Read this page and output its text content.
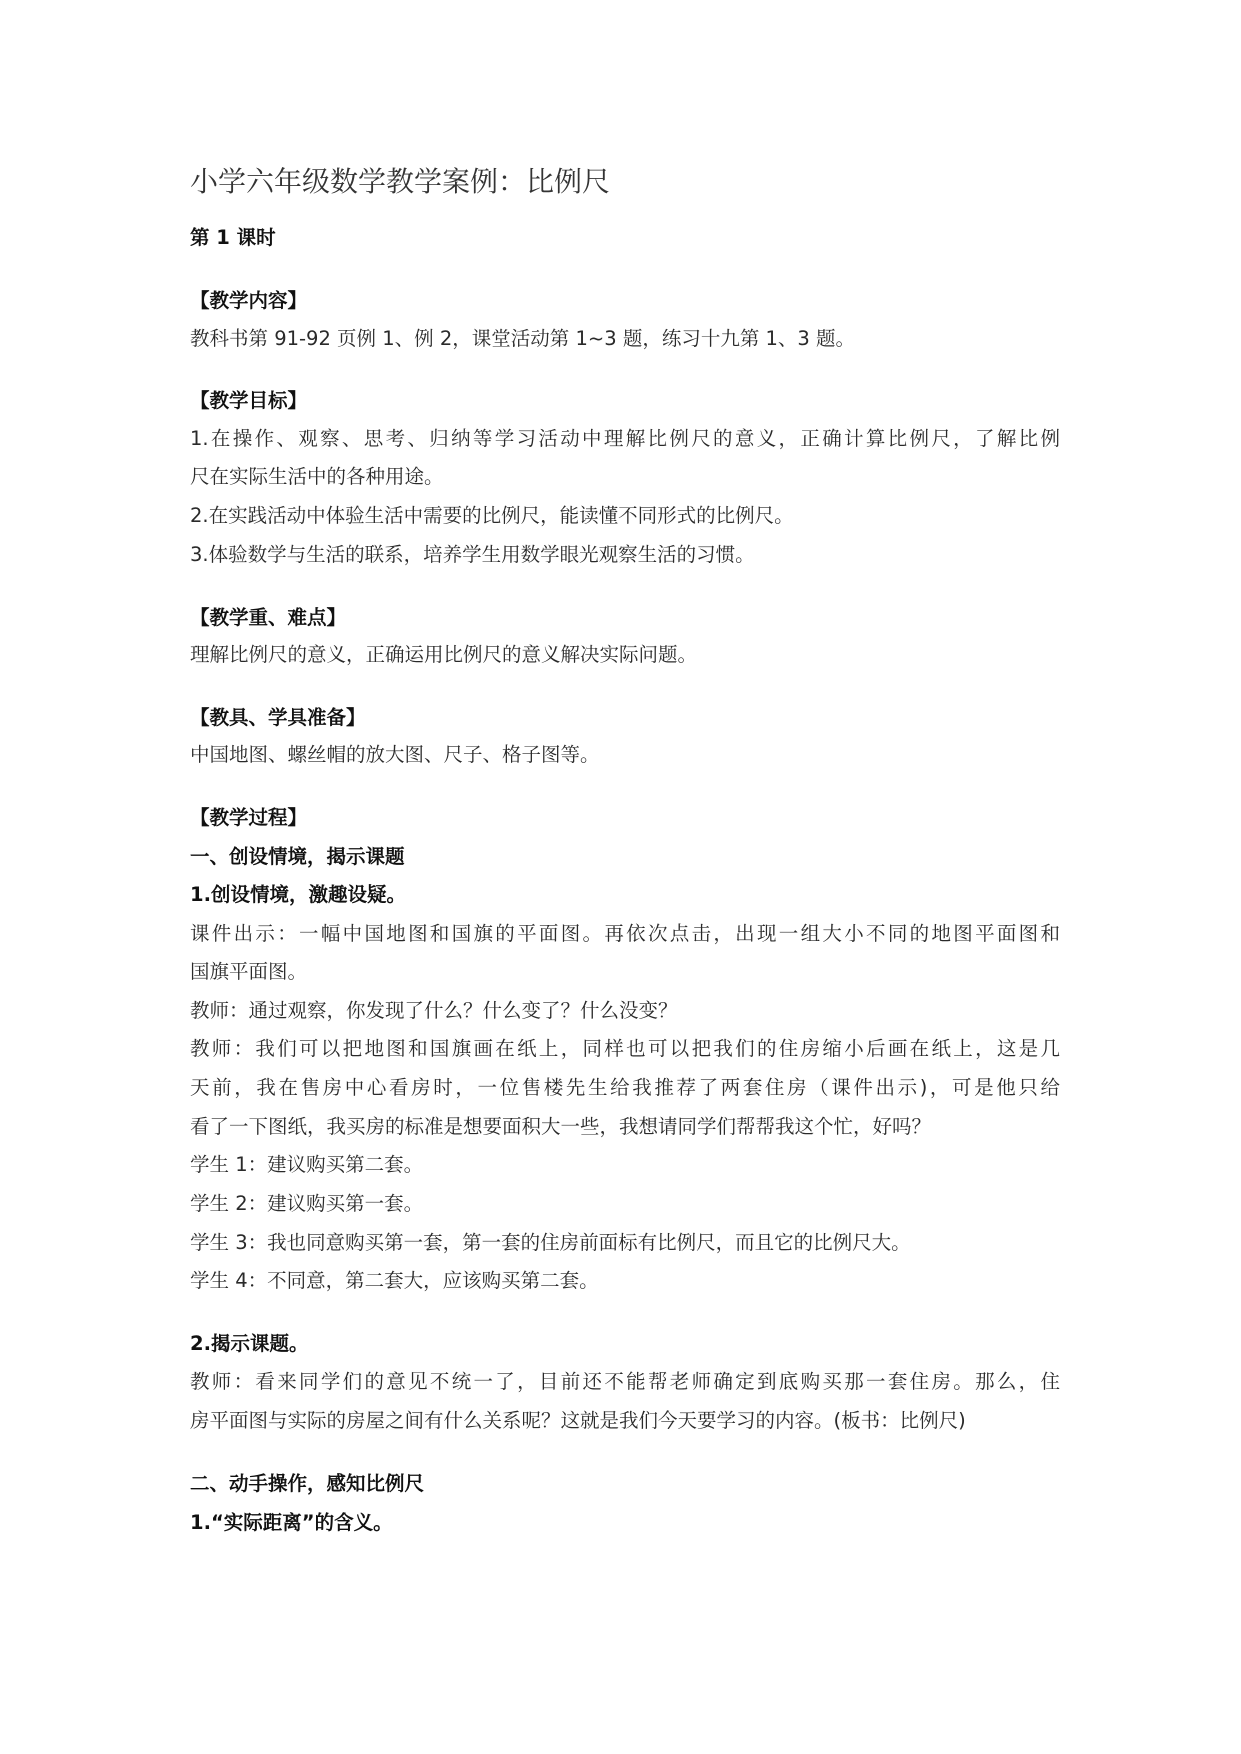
小学六年级数学教学案例：比例尺
第 1 课时
【教学内容】
教科书第 91-92 页例 1、例 2，课堂活动第 1~3 题，练习十九第 1、3 题。
【教学目标】
1.在操作、观察、思考、归纳等学习活动中理解比例尺的意义，正确计算比例尺，了解比例
尺在实际生活中的各种用途。
2.在实践活动中体验生活中需要的比例尺，能读懂不同形式的比例尺。
3.体验数学与生活的联系，培养学生用数学眼光观察生活的习惯。
【教学重、难点】
理解比例尺的意义，正确运用比例尺的意义解决实际问题。
【教具、学具准备】
中国地图、螺丝帽的放大图、尺子、格子图等。
【教学过程】
一、创设情境，揭示课题
1.创设情境，激趣设疑。
课件出示：一幅中国地图和国旗的平面图。再依次点击，出现一组大小不同的地图平面图和
国旗平面图。
教师：通过观察，你发现了什么？什么变了？什么没变？
教师：我们可以把地图和国旗画在纸上，同样也可以把我们的住房缩小后画在纸上，这是几
天前，我在售房中心看房时，一位售楼先生给我推荐了两套住房（课件出示)，可是他只给
看了一下图纸，我买房的标准是想要面积大一些，我想请同学们帮帮我这个忙，好吗？
学生 1：建议购买第二套。
学生 2：建议购买第一套。
学生 3：我也同意购买第一套，第一套的住房前面标有比例尺，而且它的比例尺大。
学生 4：不同意，第二套大，应该购买第二套。
2.揭示课题。
教师：看来同学们的意见不统一了，目前还不能帮老师确定到底购买那一套住房。那么，住
房平面图与实际的房屋之间有什么关系呢？这就是我们今天要学习的内容。(板书：比例尺)
二、动手操作，感知比例尺
1.“实际距离”的含义。
